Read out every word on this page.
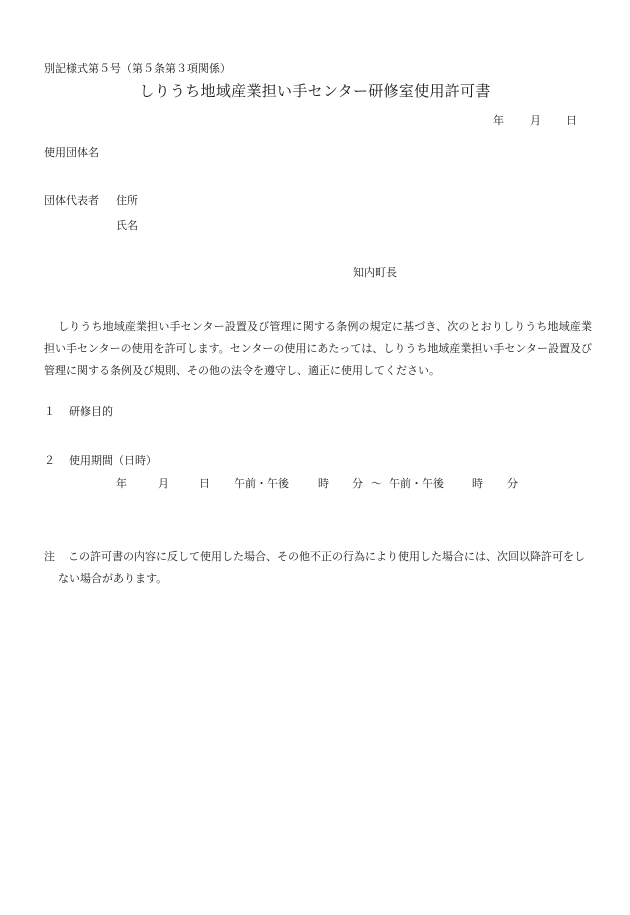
別記様式第５号（第５条第３項関係）
しりうち地域産業担い手センター研修室使用許可書
年 月 日
使用団体名
団体代表者 住所
氏名
知内町長
しりうち地域産業担い手センター設置及び管理に関する条例の規定に基づき、次のとおりしりうち地域産業担い手センターの使用を許可します。センターの使用にあたっては、しりうち地域産業担い手センター設置及び管理に関する条例及び規則、その他の法令を遵守し、適正に使用してください。
１ 研修目的
２ 使用期間（日時）
年	月	日 午前・午後	時 分 ～ 午前・午後	時 分
注 この許可書の内容に反して使用した場合、その他不正の行為により使用した場合には、次回以降許可をしない場合があります。
